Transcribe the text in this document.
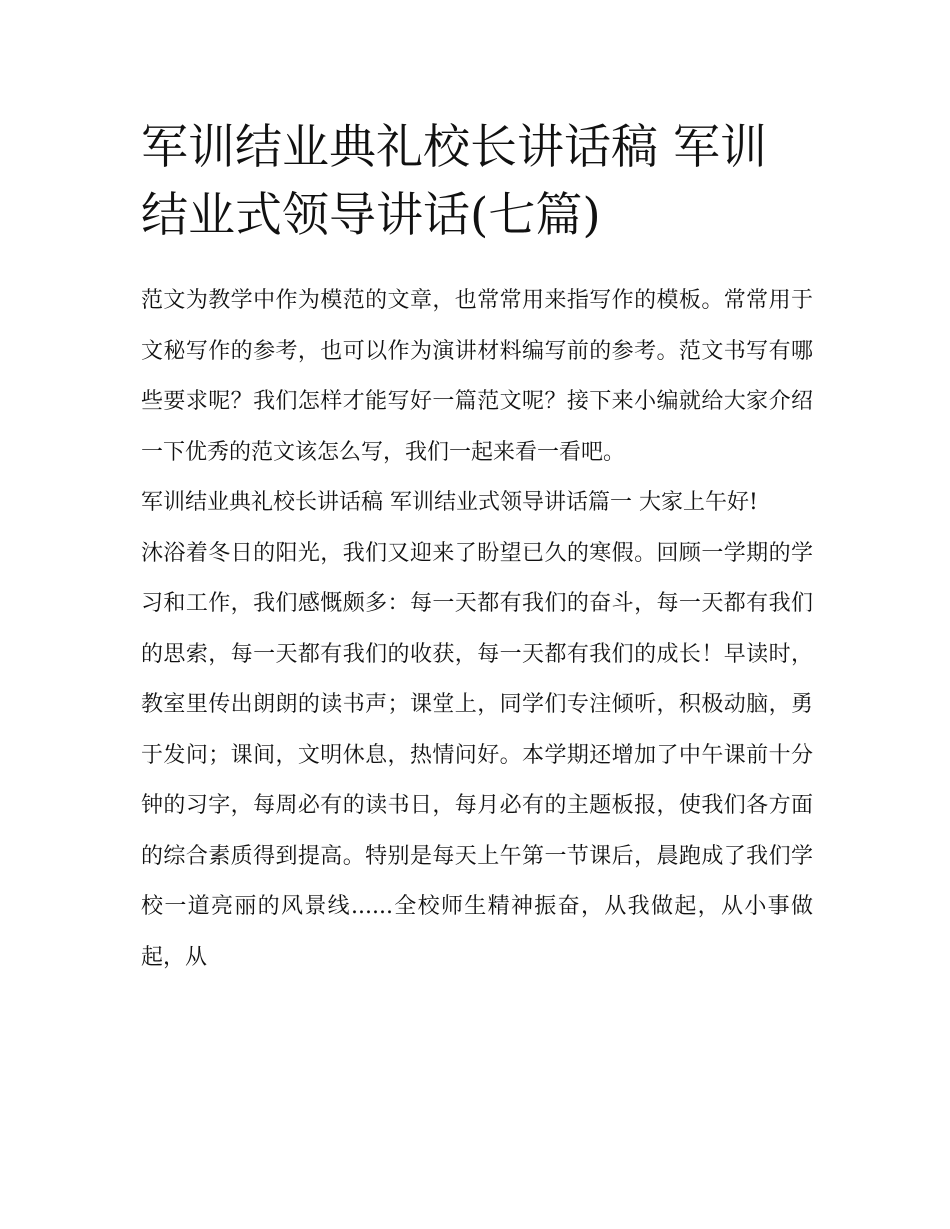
军训结业典礼校长讲话稿 军训结业式领导讲话(七篇)

范文为教学中作为模范的文章，也常常用来指写作的模板。常常用于文秘写作的参考，也可以作为演讲材料编写前的参考。范文书写有哪些要求呢？我们怎样才能写好一篇范文呢？接下来小编就给大家介绍一下优秀的范文该怎么写，我们一起来看一看吧。

军训结业典礼校长讲话稿 军训结业式领导讲话篇一 大家上午好!

沐浴着冬日的阳光，我们又迎来了盼望已久的寒假。回顾一学期的学习和工作，我们感慨颇多：每一天都有我们的奋斗，每一天都有我们的思索，每一天都有我们的收获，每一天都有我们的成长！早读时，教室里传出朗朗的读书声；课堂上，同学们专注倾听，积极动脑，勇于发问；课间，文明休息，热情问好。本学期还增加了中午课前十分钟的习字，每周必有的读书日，每月必有的主题板报，使我们各方面的综合素质得到提高。特别是每天上午第一节课后，晨跑成了我们学校一道亮丽的风景线......全校师生精神振奋，从我做起，从小事做起，从
